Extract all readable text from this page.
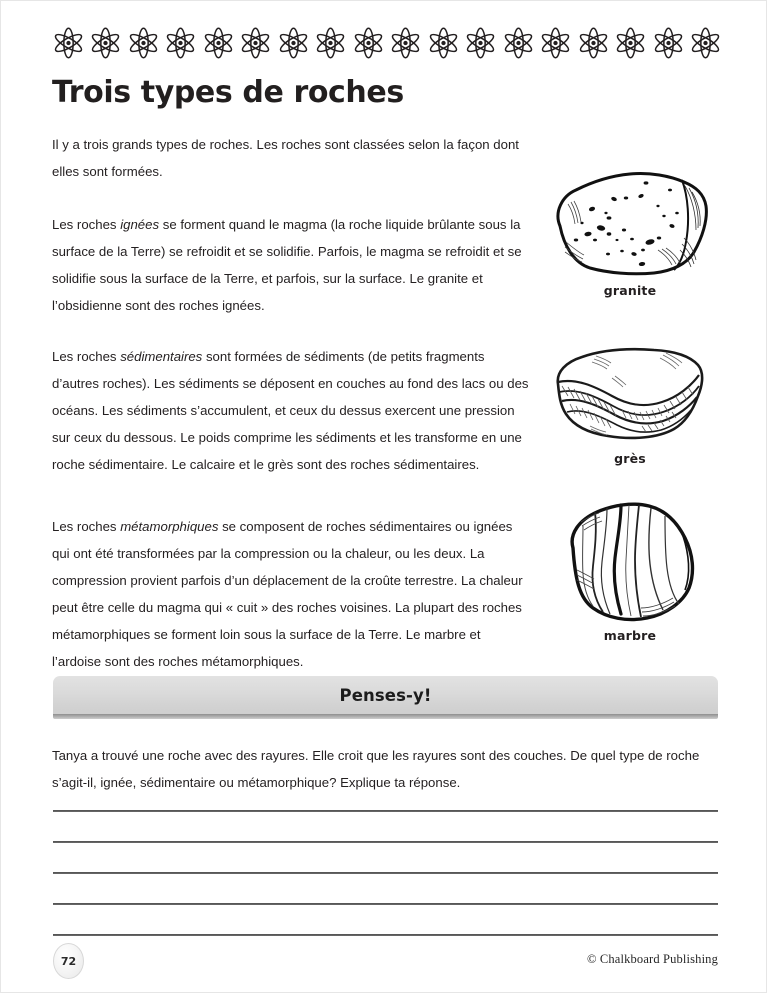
Trois types de roches

Il y a trois grands types de roches. Les roches sont classées selon la façon dont elles sont formées.

Les roches ignées se forment quand le magma (la roche liquide brûlante sous la surface de la Terre) se refroidit et se solidifie. Parfois, le magma se refroidit et se solidifie sous la surface de la Terre, et parfois, sur la surface. Le granite et l’obsidienne sont des roches ignées.

Les roches sédimentaires sont formées de sédiments (de petits fragments d’autres roches). Les sédiments se déposent en couches au fond des lacs ou des océans. Les sédiments s’accumulent, et ceux du dessus exercent une pression sur ceux du dessous. Le poids comprime les sédiments et les transforme en une roche sédimentaire. Le calcaire et le grès sont des roches sédimentaires.

Les roches métamorphiques se composent de roches sédimentaires ou ignées qui ont été transformées par la compression ou la chaleur, ou les deux. La compression provient parfois d’un déplacement de la croûte terrestre. La chaleur peut être celle du magma qui « cuit » des roches voisines. La plupart des roches métamorphiques se forment loin sous la surface de la Terre. Le marbre et l’ardoise sont des roches métamorphiques.

granite
grès
marbre
Penses-y!

Tanya a trouvé une roche avec des rayures. Elle croit que les rayures sont des couches. De quel type de roche s’agit-il, ignée, sédimentaire ou métamorphique? Explique ta réponse.

72	© Chalkboard Publishing
